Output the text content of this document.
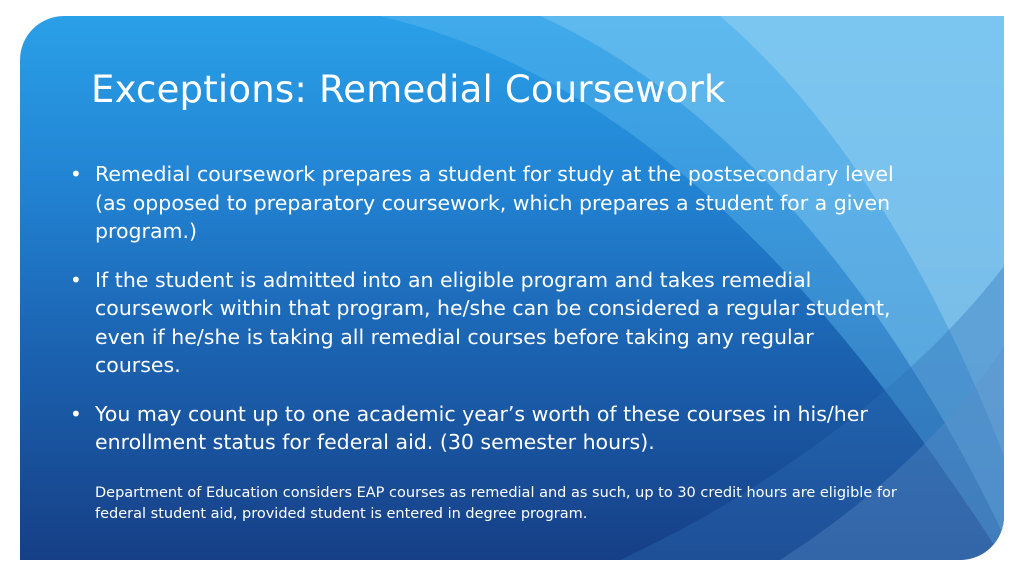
Exceptions: Remedial Coursework
• Remedial coursework prepares a student for study at the postsecondary level (as opposed to preparatory coursework, which prepares a student for a given program.)
• If the student is admitted into an eligible program and takes remedial coursework within that program, he/she can be considered a regular student, even if he/she is taking all remedial courses before taking any regular courses.
• You may count up to one academic year’s worth of these courses in his/her enrollment status for federal aid. (30 semester hours).

Department of Education considers EAP courses as remedial and as such, up to 30 credit hours are eligible for federal student aid, provided student is entered in degree program.
